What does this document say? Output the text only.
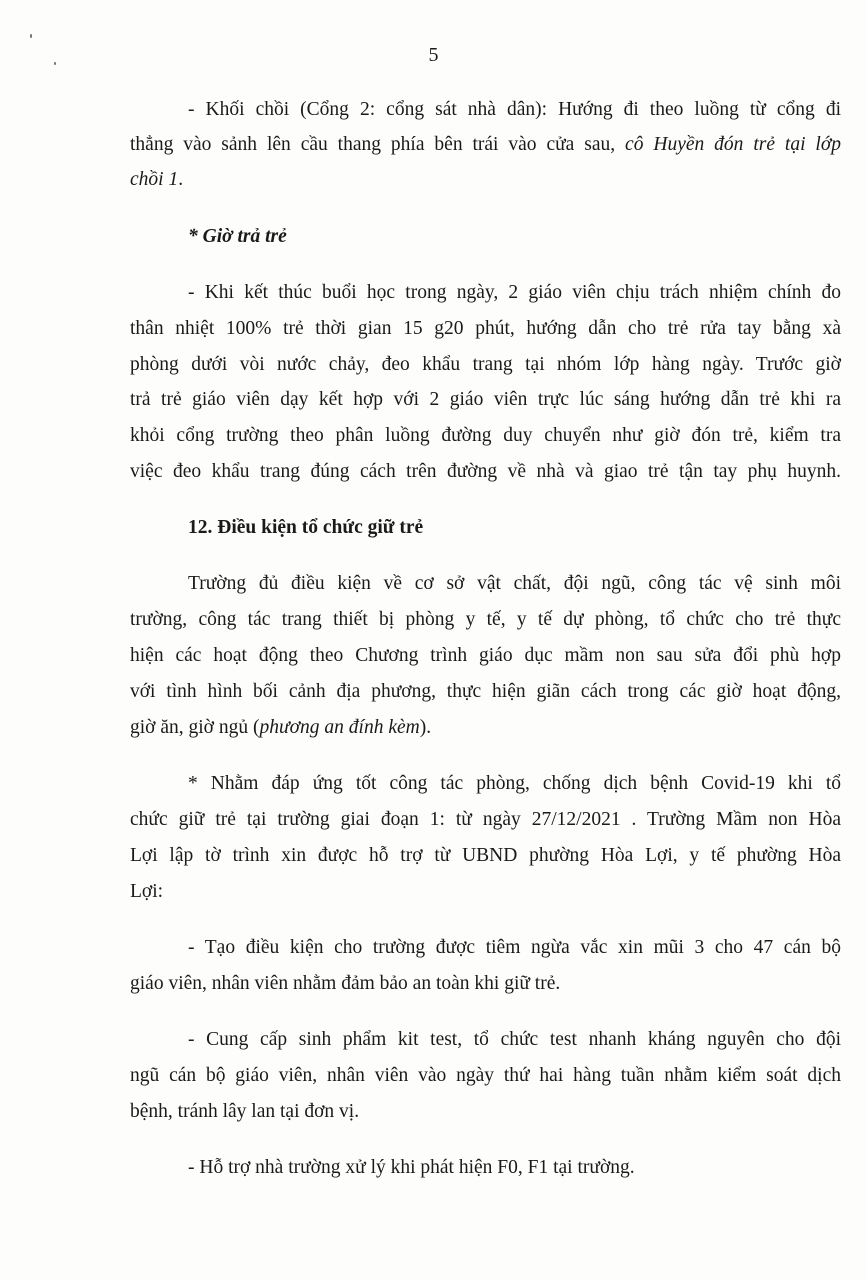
5
- Khối chồi (Cổng 2: cổng sát nhà dân): Hướng đi theo luồng từ cổng đi
thẳng vào sảnh lên cầu thang phía bên trái vào cửa sau, cô Huyền đón trẻ tại lớp
chồi 1.
* Giờ trả trẻ
- Khi kết thúc buổi học trong ngày, 2 giáo viên chịu trách nhiệm chính đo
thân nhiệt 100% trẻ thời gian 15 g20 phút, hướng dẫn cho trẻ rửa tay bằng xà
phòng dưới vòi nước chảy, đeo khẩu trang tại nhóm lớp hàng ngày. Trước giờ
trả trẻ giáo viên dạy kết hợp với 2 giáo viên trực lúc sáng hướng dẫn trẻ khi ra
khỏi cổng trường theo phân luồng đường duy chuyển như giờ đón trẻ, kiểm tra
việc đeo khẩu trang đúng cách trên đường về nhà và giao trẻ tận tay phụ huynh.
12. Điều kiện tổ chức giữ trẻ
Trường đủ điều kiện về cơ sở vật chất, đội ngũ, công tác vệ sinh môi
trường, công tác trang thiết bị phòng y tế, y tế dự phòng, tổ chức cho trẻ thực
hiện các hoạt động theo Chương trình giáo dục mầm non sau sửa đổi phù hợp
với tình hình bối cảnh địa phương, thực hiện giãn cách trong các giờ hoạt động,
giờ ăn, giờ ngủ (phương an đính kèm).
* Nhằm đáp ứng tốt công tác phòng, chống dịch bệnh Covid-19 khi tổ
chức giữ trẻ tại trường giai đoạn 1: từ ngày 27/12/2021 . Trường Mầm non Hòa
Lợi lập tờ trình xin được hỗ trợ từ UBND phường Hòa Lợi, y tế phường Hòa
Lợi:
- Tạo điều kiện cho trường được tiêm ngừa vắc xin mũi 3 cho 47 cán bộ
giáo viên, nhân viên nhằm đảm bảo an toàn khi giữ trẻ.
- Cung cấp sinh phẩm kit test, tổ chức test nhanh kháng nguyên cho đội
ngũ cán bộ giáo viên, nhân viên vào ngày thứ hai hàng tuần nhằm kiểm soát dịch
bệnh, tránh lây lan tại đơn vị.
- Hỗ trợ nhà trường xử lý khi phát hiện F0, F1 tại trường.
